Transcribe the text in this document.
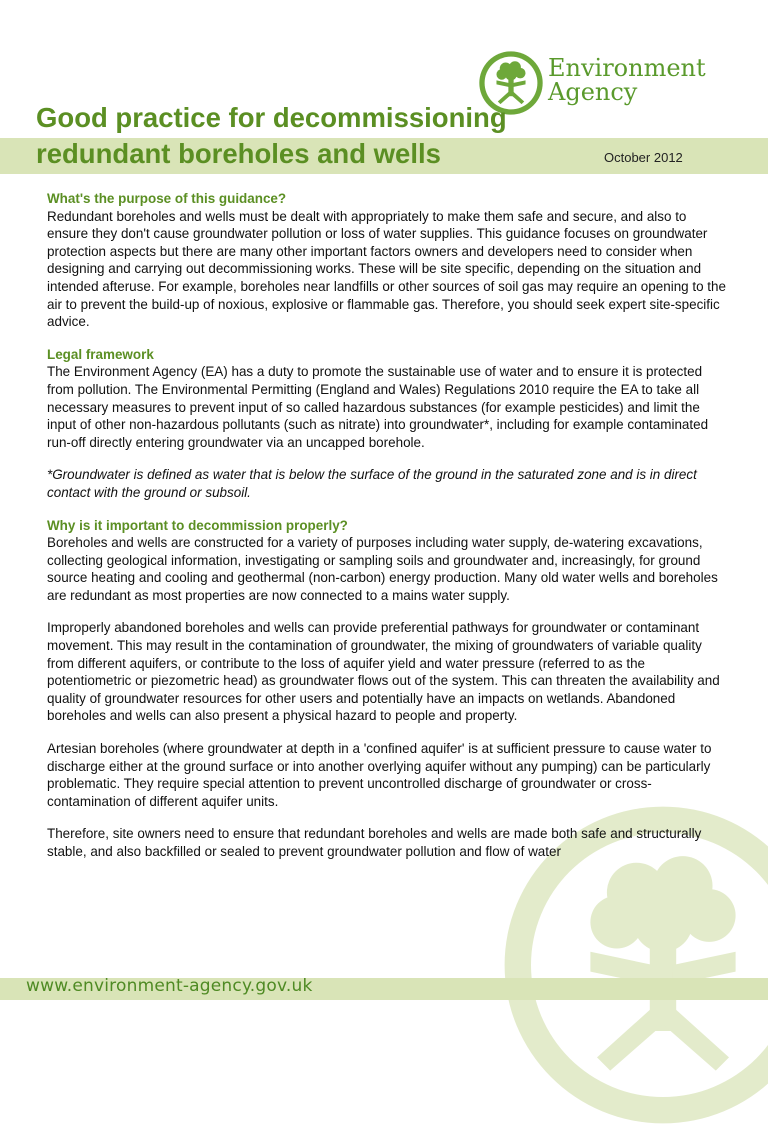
Environment
Agency
Good practice for decommissioning
redundant boreholes and wells	October 2012

What's the purpose of this guidance?
Redundant boreholes and wells must be dealt with appropriately to make them safe and secure, and also to ensure they don't cause groundwater pollution or loss of water supplies. This guidance focuses on groundwater protection aspects but there are many other important factors owners and developers need to consider when designing and carrying out decommissioning works. These will be site specific, depending on the situation and intended afteruse. For example, boreholes near landfills or other sources of soil gas may require an opening to the air to prevent the build-up of noxious, explosive or flammable gas. Therefore, you should seek expert site-specific advice.

Legal framework
The Environment Agency (EA) has a duty to promote the sustainable use of water and to ensure it is protected from pollution. The Environmental Permitting (England and Wales) Regulations 2010 require the EA to take all necessary measures to prevent input of so called hazardous substances (for example pesticides) and limit the input of other non-hazardous pollutants (such as nitrate) into groundwater*, including for example contaminated run-off directly entering groundwater via an uncapped borehole.

*Groundwater is defined as water that is below the surface of the ground in the saturated zone and is in direct contact with the ground or subsoil.

Why is it important to decommission properly?
Boreholes and wells are constructed for a variety of purposes including water supply, de-watering excavations, collecting geological information, investigating or sampling soils and groundwater and, increasingly, for ground source heating and cooling and geothermal (non-carbon) energy production. Many old water wells and boreholes are redundant as most properties are now connected to a mains water supply.

Improperly abandoned boreholes and wells can provide preferential pathways for groundwater or contaminant movement. This may result in the contamination of groundwater, the mixing of groundwaters of variable quality from different aquifers, or contribute to the loss of aquifer yield and water pressure (referred to as the potentiometric or piezometric head) as groundwater flows out of the system. This can threaten the availability and quality of groundwater resources for other users and potentially have an impacts on wetlands. Abandoned boreholes and wells can also present a physical hazard to people and property.

Artesian boreholes (where groundwater at depth in a 'confined aquifer' is at sufficient pressure to cause water to discharge either at the ground surface or into another overlying aquifer without any pumping) can be particularly problematic. They require special attention to prevent uncontrolled discharge of groundwater or cross-contamination of different aquifer units.

Therefore, site owners need to ensure that redundant boreholes and wells are made both safe and structurally stable, and also backfilled or sealed to prevent groundwater pollution and flow of water

www.environment-agency.gov.uk
